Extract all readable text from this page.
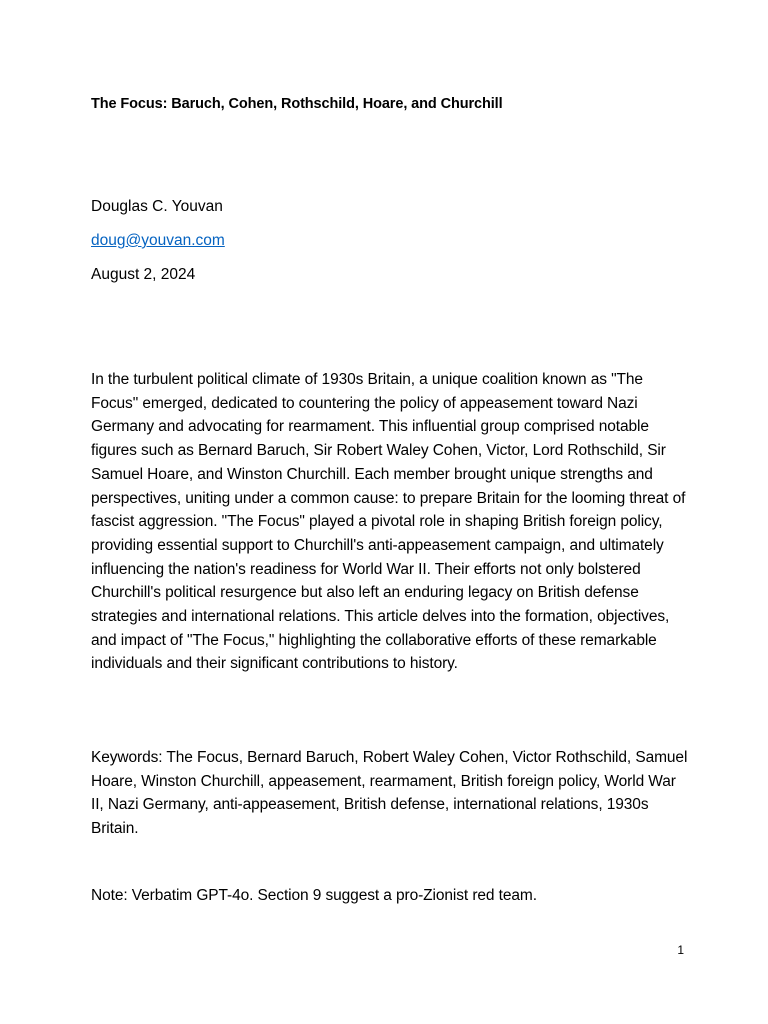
The Focus: Baruch, Cohen, Rothschild, Hoare, and Churchill
Douglas C. Youvan
doug@youvan.com
August 2, 2024

In the turbulent political climate of 1930s Britain, a unique coalition known as "The Focus" emerged, dedicated to countering the policy of appeasement toward Nazi Germany and advocating for rearmament. This influential group comprised notable figures such as Bernard Baruch, Sir Robert Waley Cohen, Victor, Lord Rothschild, Sir Samuel Hoare, and Winston Churchill. Each member brought unique strengths and perspectives, uniting under a common cause: to prepare Britain for the looming threat of fascist aggression. "The Focus" played a pivotal role in shaping British foreign policy, providing essential support to Churchill's anti-appeasement campaign, and ultimately influencing the nation's readiness for World War II. Their efforts not only bolstered Churchill's political resurgence but also left an enduring legacy on British defense strategies and international relations. This article delves into the formation, objectives, and impact of "The Focus," highlighting the collaborative efforts of these remarkable individuals and their significant contributions to history.

Keywords: The Focus, Bernard Baruch, Robert Waley Cohen, Victor Rothschild, Samuel Hoare, Winston Churchill, appeasement, rearmament, British foreign policy, World War II, Nazi Germany, anti-appeasement, British defense, international relations, 1930s Britain.

Note: Verbatim GPT-4o. Section 9 suggest a pro-Zionist red team.

1
